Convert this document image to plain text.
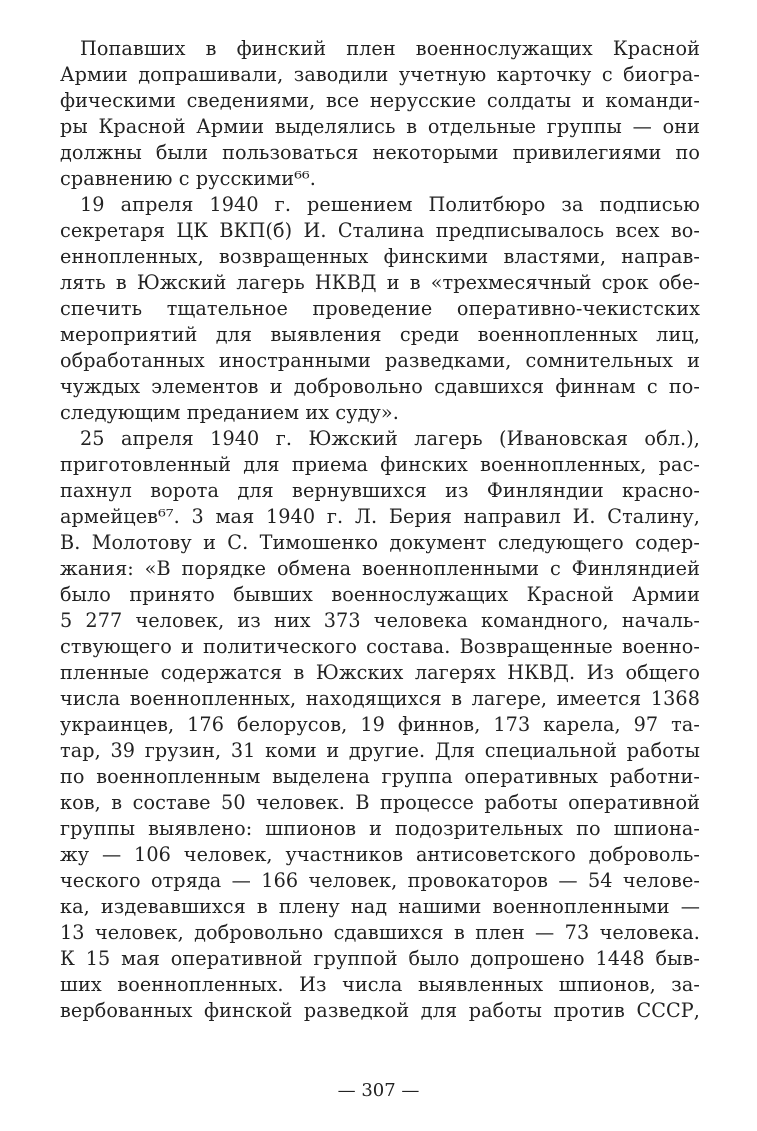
Попавших в финский плен военнослужащих Красной
Армии допрашивали, заводили учетную карточку с биогра-
фическими сведениями, все нерусские солдаты и команди-
ры Красной Армии выделялись в отдельные группы — они
должны были пользоваться некоторыми привилегиями по
сравнению с русскими⁶⁶.
19 апреля 1940 г. решением Политбюро за подписью
секретаря ЦК ВКП(б) И. Сталина предписывалось всех во-
еннопленных, возвращенных финскими властями, направ-
лять в Южский лагерь НКВД и в «трехмесячный срок обе-
спечить тщательное проведение оперативно-чекистских
мероприятий для выявления среди военнопленных лиц,
обработанных иностранными разведками, сомнительных и
чуждых элементов и добровольно сдавшихся финнам с по-
следующим преданием их суду».
25 апреля 1940 г. Южский лагерь (Ивановская обл.),
приготовленный для приема финских военнопленных, рас-
пахнул ворота для вернувшихся из Финляндии красно-
армейцев⁶⁷. 3 мая 1940 г. Л. Берия направил И. Сталину,
В. Молотову и С. Тимошенко документ следующего содер-
жания: «В порядке обмена военнопленными с Финляндией
было принято бывших военнослужащих Красной Армии
5 277 человек, из них 373 человека командного, началь-
ствующего и политического состава. Возвращенные военно-
пленные содержатся в Южских лагерях НКВД. Из общего
числа военнопленных, находящихся в лагере, имеется 1368
украинцев, 176 белорусов, 19 финнов, 173 карела, 97 та-
тар, 39 грузин, 31 коми и другие. Для специальной работы
по военнопленным выделена группа оперативных работни-
ков, в составе 50 человек. В процессе работы оперативной
группы выявлено: шпионов и подозрительных по шпиона-
жу — 106 человек, участников антисоветского доброволь-
ческого отряда — 166 человек, провокаторов — 54 челове-
ка, издевавшихся в плену над нашими военнопленными —
13 человек, добровольно сдавшихся в плен — 73 человека.
К 15 мая оперативной группой было допрошено 1448 быв-
ших военнопленных. Из числа выявленных шпионов, за-
вербованных финской разведкой для работы против СССР,
— 307 —
